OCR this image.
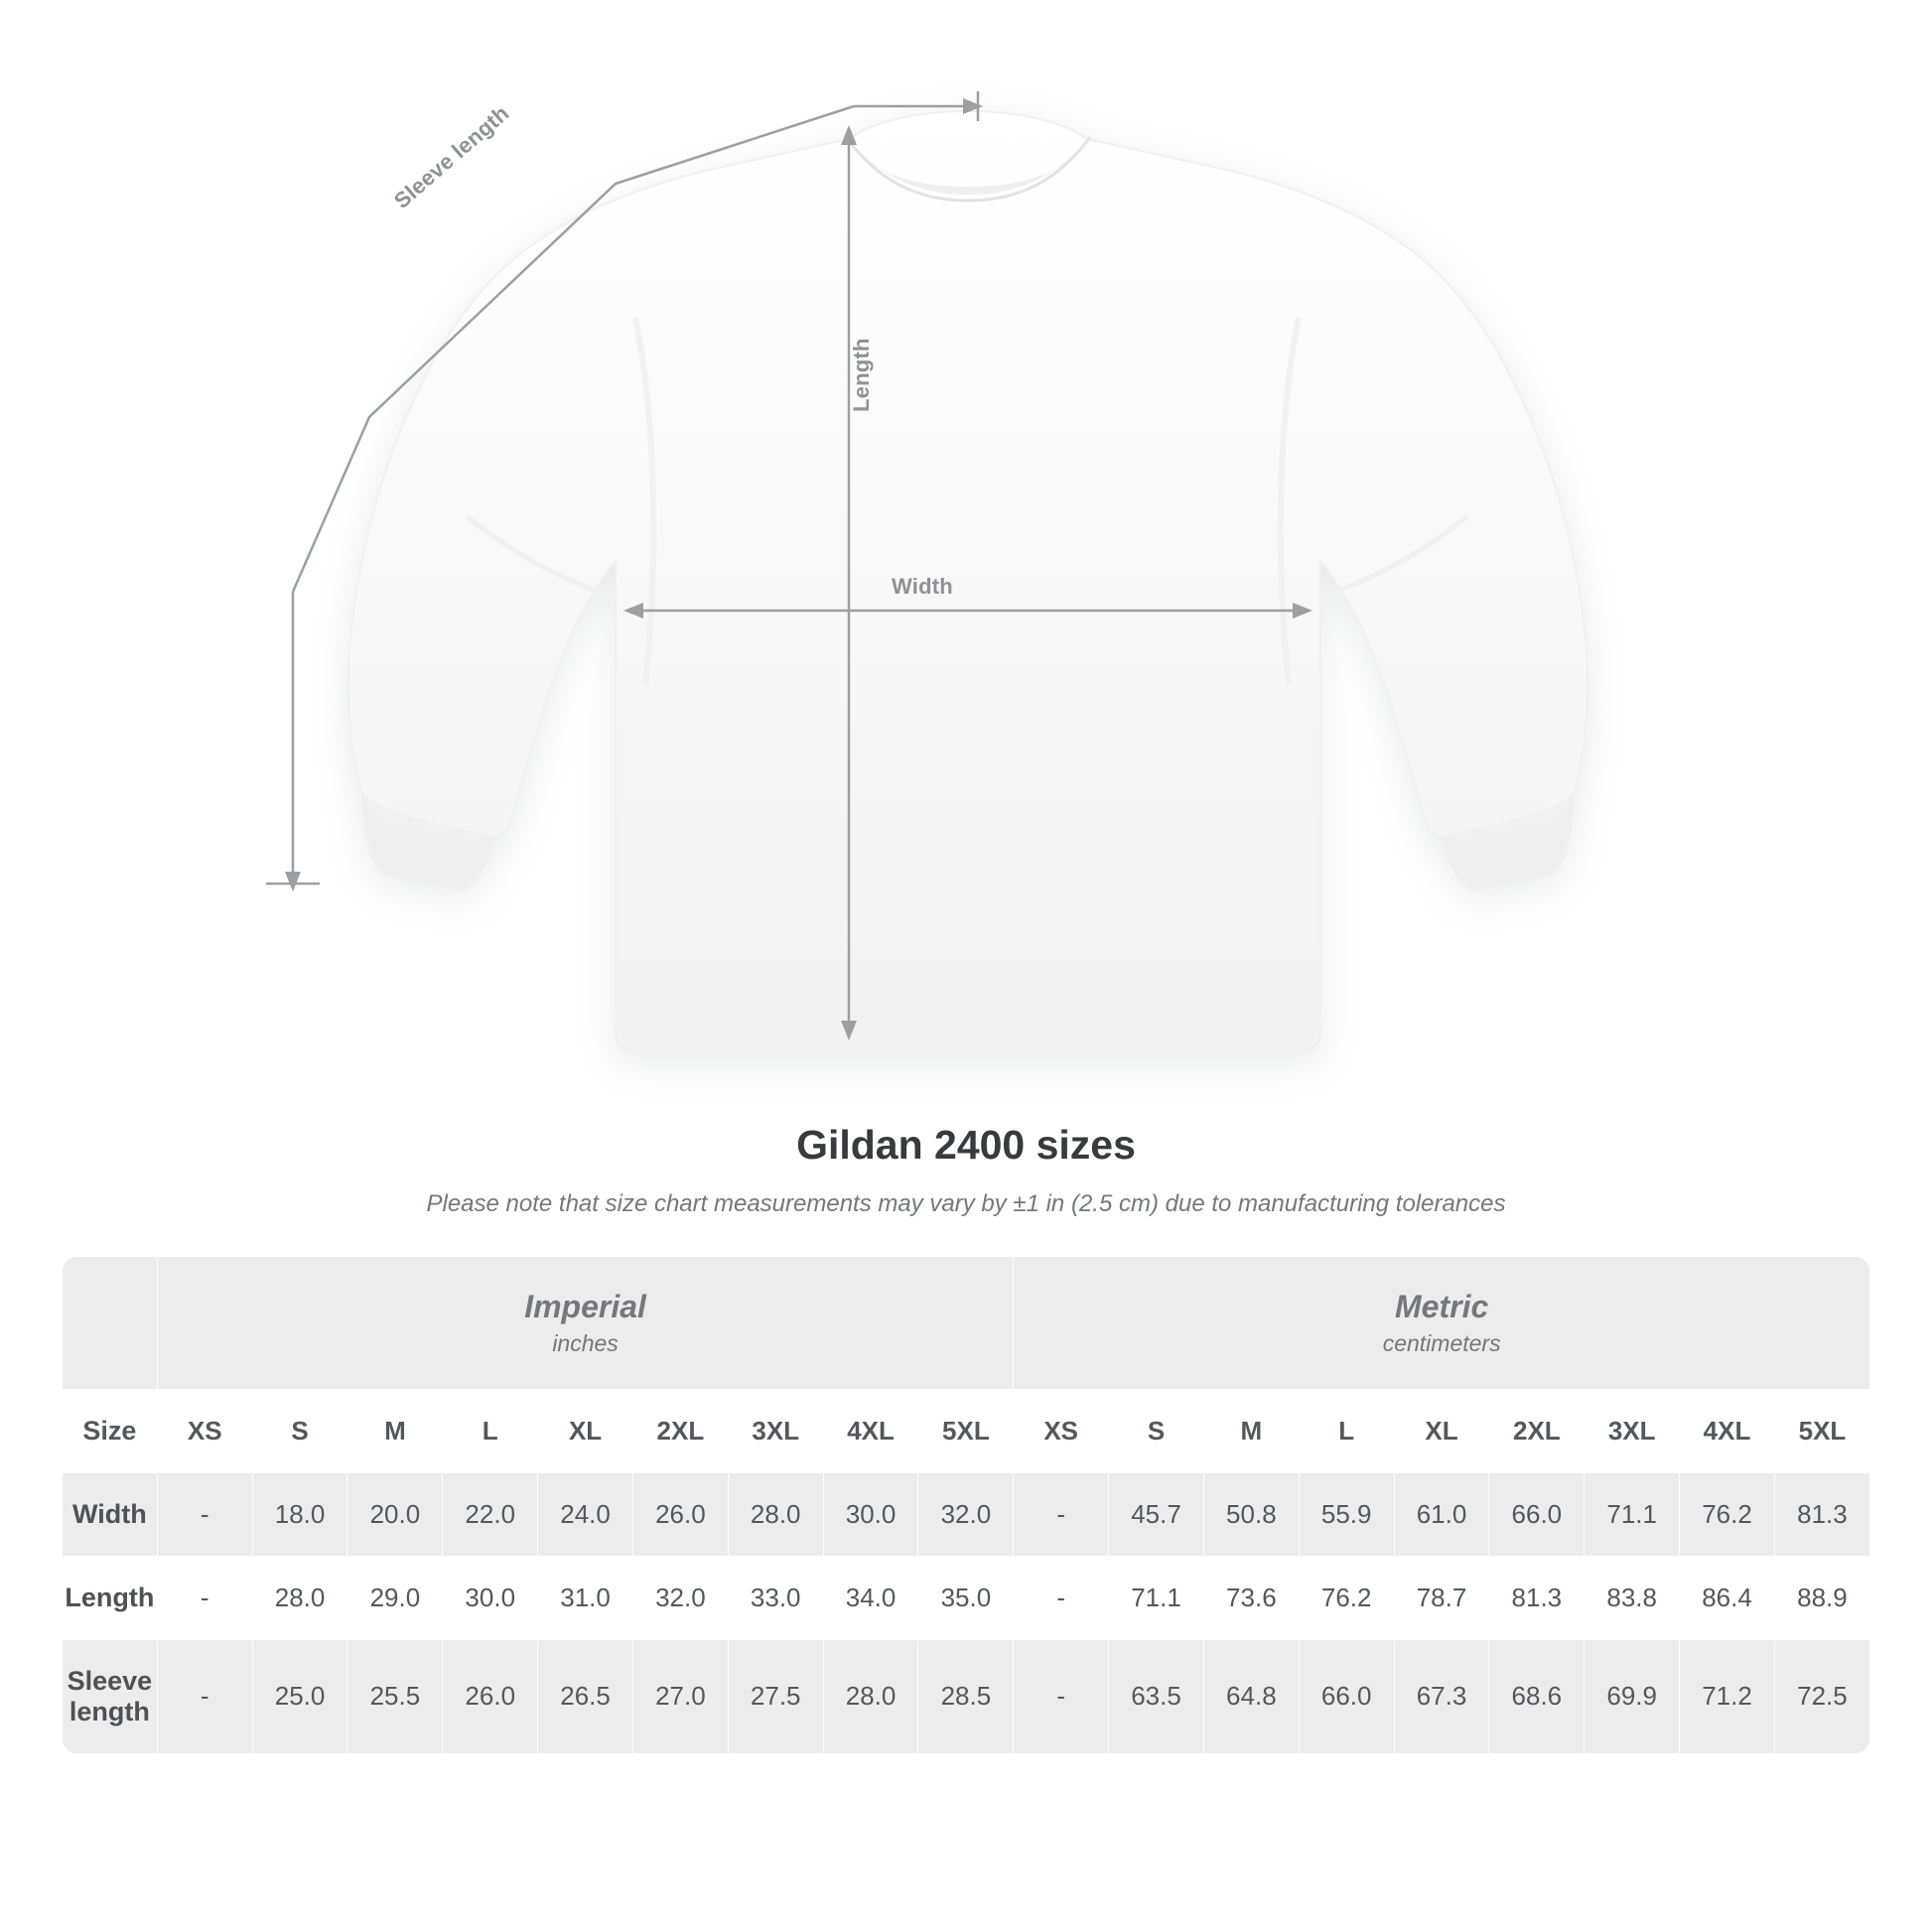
Width
Length
Sleeve length
Gildan 2400 sizes

Please note that size chart measurements may vary by ±1 in (2.5 cm) due to manufacturing tolerances

Imperial
inches

Metric
centimeters

Size	XS	S	M	L	XL	2XL	3XL	4XL	5XL	XS	S	M	L	XL	2XL	3XL	4XL	5XL
Width	-	18.0	20.0	22.0	24.0	26.0	28.0	30.0	32.0	-	45.7	50.8	55.9	61.0	66.0	71.1	76.2	81.3
Length	-	28.0	29.0	30.0	31.0	32.0	33.0	34.0	35.0	-	71.1	73.6	76.2	78.7	81.3	83.8	86.4	88.9
Sleeve length	-	25.0	25.5	26.0	26.5	27.0	27.5	28.0	28.5	-	63.5	64.8	66.0	67.3	68.6	69.9	71.2	72.5
